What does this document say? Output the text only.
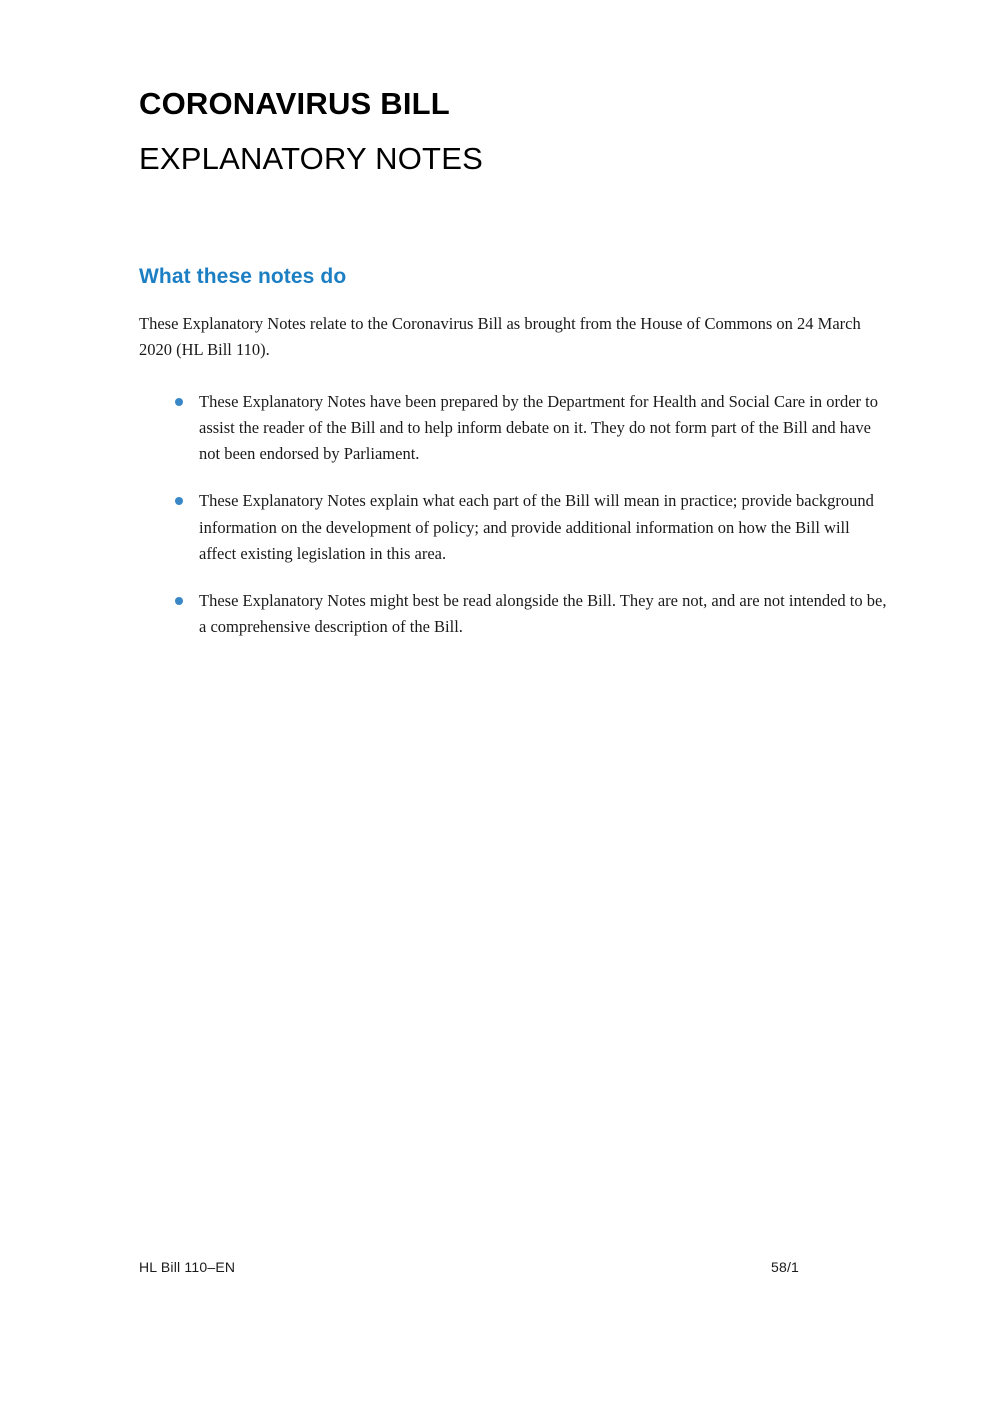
CORONAVIRUS BILL
EXPLANATORY NOTES
What these notes do

These Explanatory Notes relate to the Coronavirus Bill as brought from the House of Commons on 24 March 2020 (HL Bill 110).

These Explanatory Notes have been prepared by the Department for Health and Social Care in order to assist the reader of the Bill and to help inform debate on it. They do not form part of the Bill and have not been endorsed by Parliament.
These Explanatory Notes explain what each part of the Bill will mean in practice; provide background information on the development of policy; and provide additional information on how the Bill will affect existing legislation in this area.
These Explanatory Notes might best be read alongside the Bill. They are not, and are not intended to be, a comprehensive description of the Bill.
HL Bill 110–EN	58/1
